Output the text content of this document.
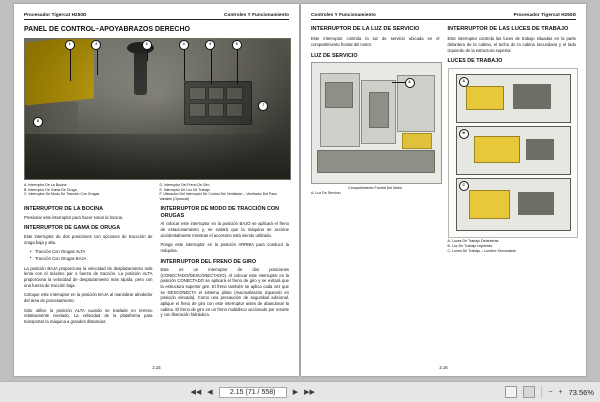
Procesador Tigercat H250D	Controles Y Funcionamiento
PANEL DE CONTROL–APOYABRAZOS DERECHO
1	2	3	4	5	6
7
8
A. Interruptor De La Bocina
B. Interruptor De Gama De Oruga
C. Interruptor De Modo De Tracción Con Orugas
D. Interruptor Del Freno De Giro
E. Interruptor De Luz De Trabajo
F. Ubicación Del Interruptor De Control Del Ventilador – Ventilador Del Paso Variable (Opcional)
INTERRUPTOR DE LA BOCINA

Presionar este interruptor para hacer sonar la bocina.

INTERRUPTOR DE GAMA DE ORUGA

Este interruptor de dos posiciones con opciones de traccción de oruga baja y alta.

• Tracción Con Orugas ALTA
• Tracción Con Orugas BAJA

La posición BAJA proporciona la velocidad de desplazamiento más lenta con el máximo par o fuerza de tracción. La posición ALTA proporciona la velocidad de desplazamiento más rápida, pero con una fuerza de tracción baja.

Coloque este interruptor en la posición BAJA al maniobrar alrededor del área de procesamiento.

Solo utilice la posición ALTA cuando se traslade en terreno relativamente nivelado. La velocidad de la plataforma para transportar la máquina a grandes distancias.

INTERRUPTOR DE MODO DE TRACCIÓN CON ORUGAS

Al colocar este interruptor en la posición BAJO se aplicará el freno de estacionamiento y, se evitará que la máquina se accione accidentalmente mientras el accesorio está siendo utilizado.

Ponga este interruptor en la posición ARRIBA para conducir la máquina.

INTERRUPTOR DEL FRENO DE GIRO

Este es un interruptor de dos posiciones (CONECTADO/DESCONECTADO). Al colocar este interruptor en la posición CONECTADO se aplicará el freno de giro y se evitará que la estructura superior gire. El freno también se aplica cada vez que se DESCONECTA el sistema piloto (macroabrazos izquierdo en posición elevada). Como una precaución de seguridad adicional, aplique el freno de giro con este interruptor antes de abandonar la cabina. El freno de giro en un freno multidisco accionado por resorte y con liberación hidráulica.

2.15
Controles Y Funcionamiento	Procesador Tigercat H250D
INTERRUPTOR DE LA LUZ DE SERVICIO

Este interruptor controla la luz de servicio ubicada en el compartimiento frontal del motor.

LUZ DE SERVICIO
A
Compartimiento Frontal Del Motor
A. Luz De Servicio
INTERRUPTOR DE LAS LUCES DE TRABAJO

Este interruptor controla las luces de trabajo situadas en la parte delantera de la cabina, el techo de la cabina secundaria y el lado izquierdo de la estructura superior.

LUCES DE TRABAJO
A
B
C
A. Luces De Trabajo Delanteras
B. Luz De Trabajo Izquierda
C. Luces De Trabajo – Lumbre Secundaria
2.16
◀◀ ◀	2.15 (71 / 558)	▶ ▶▶	− + 73.56%
